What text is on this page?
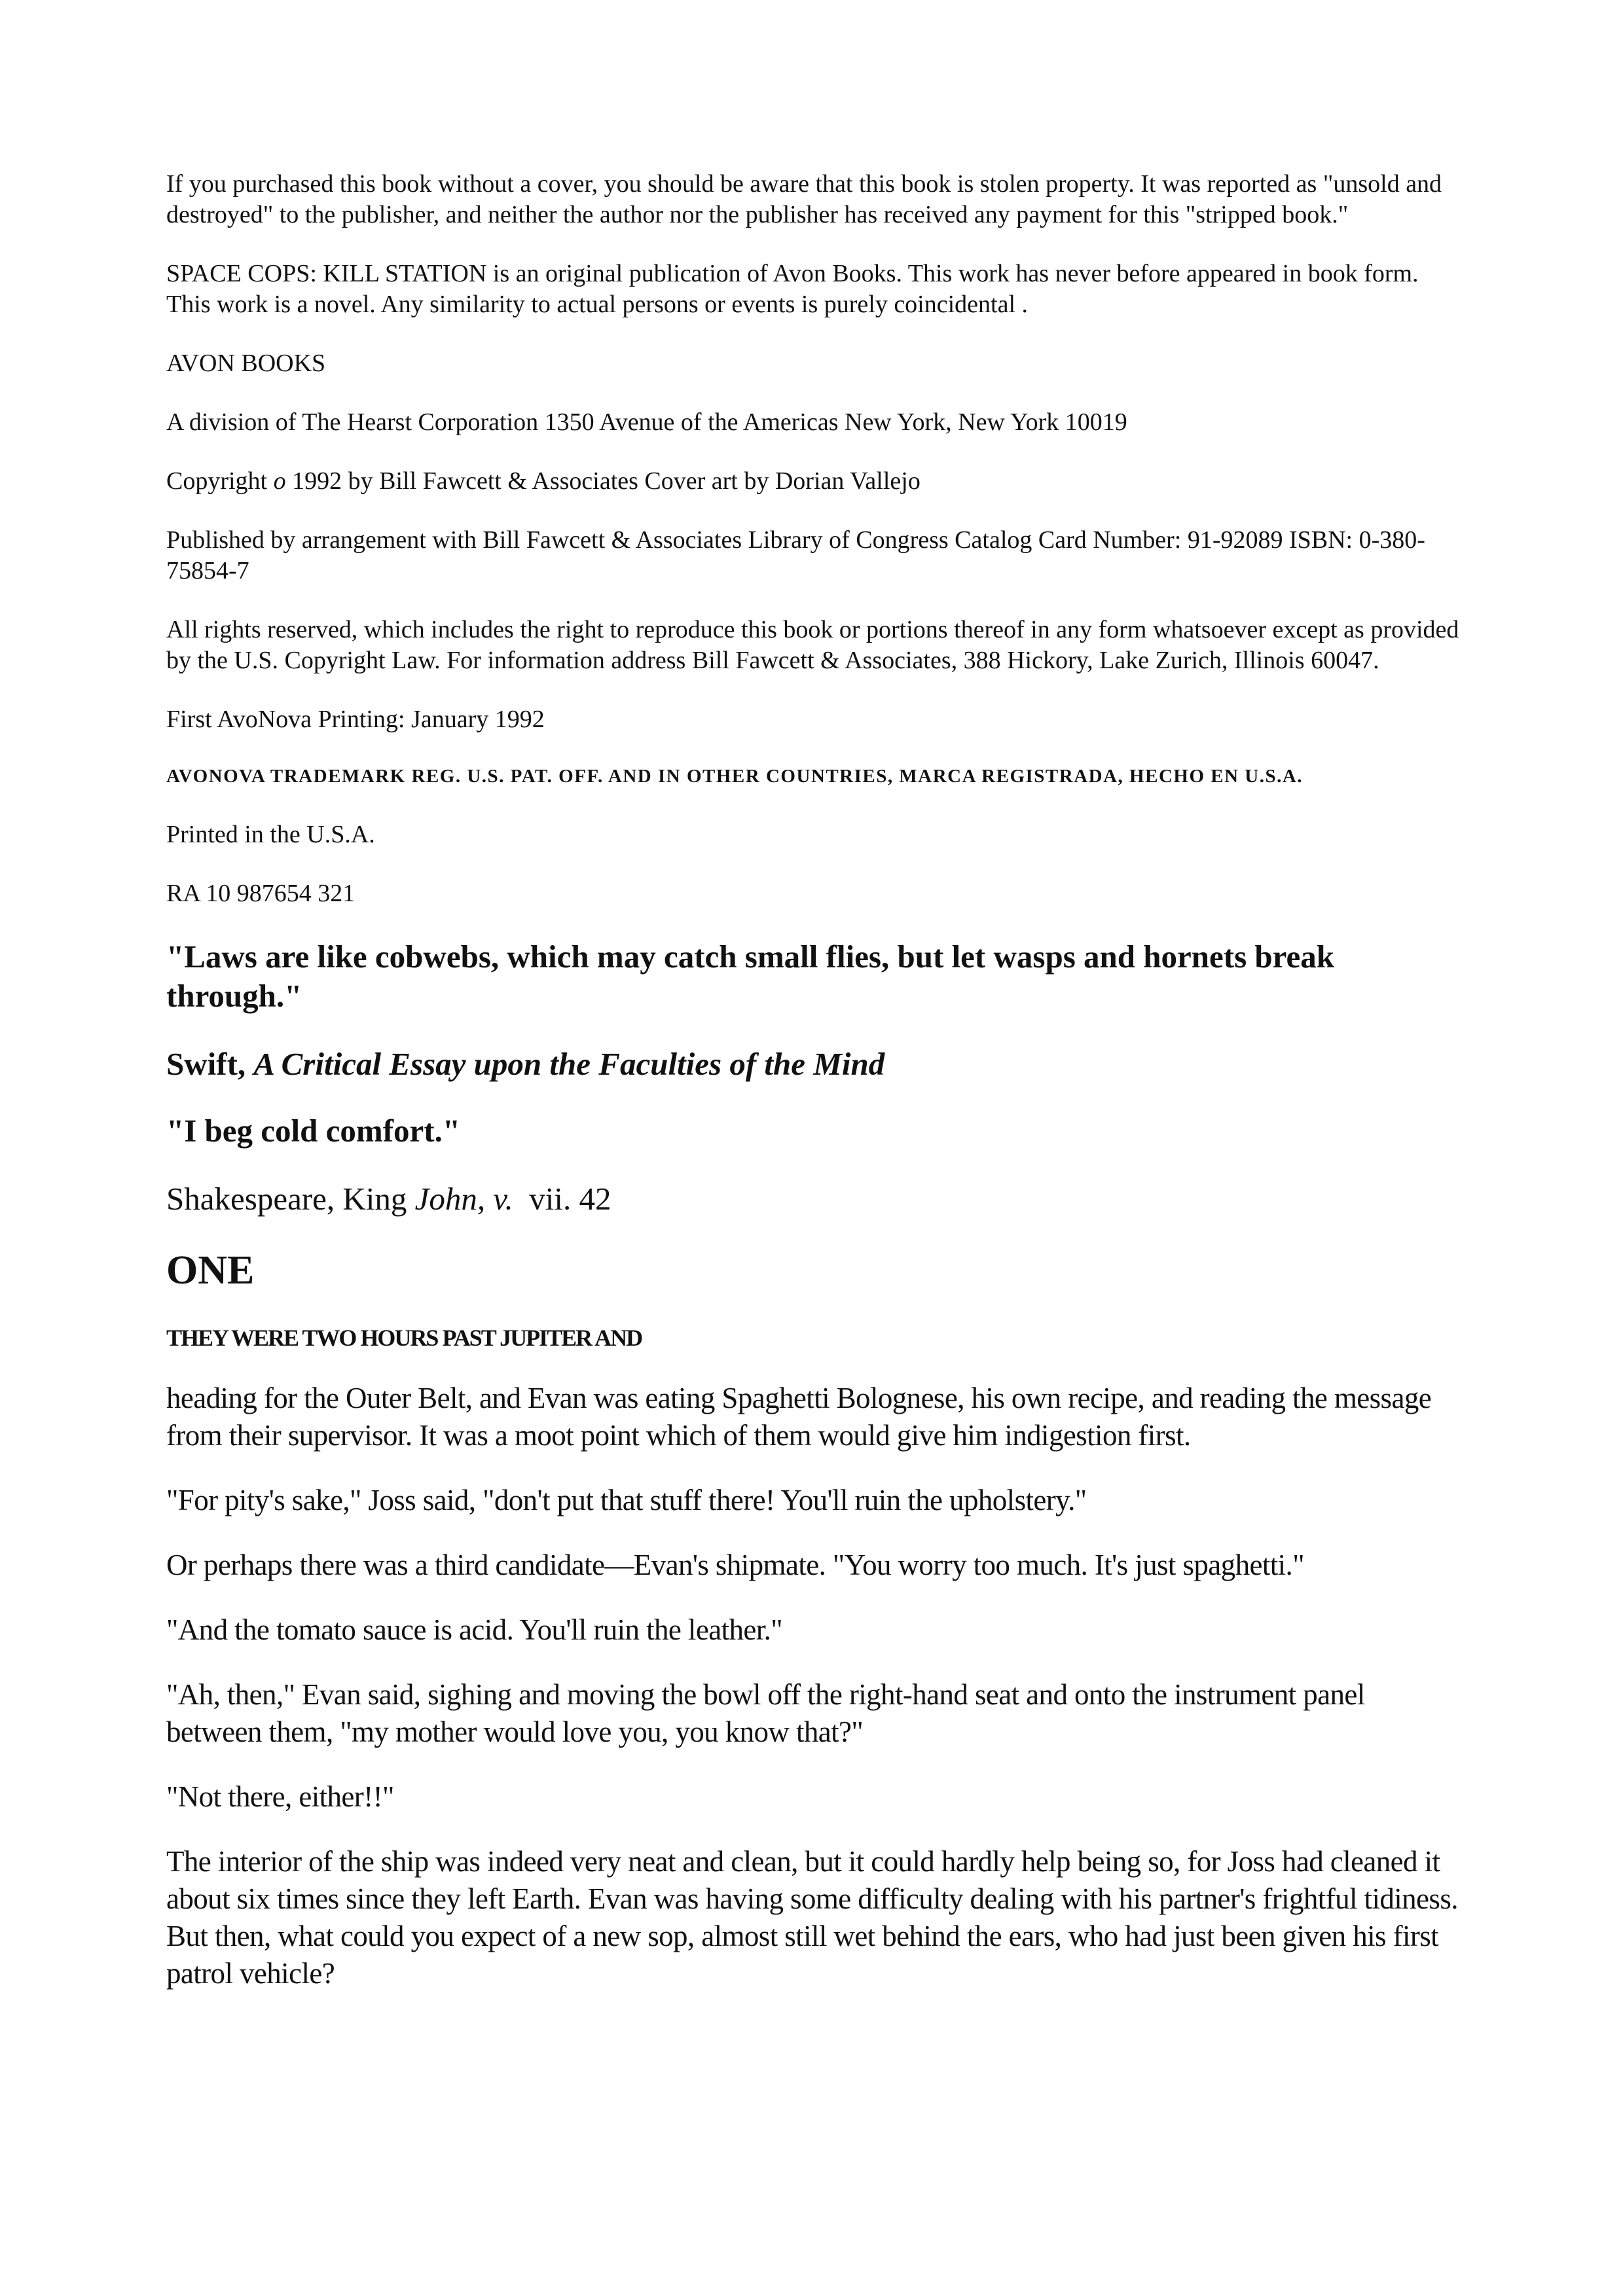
If you purchased this book without a cover, you should be aware that this book is stolen property. It was reported as "unsold and destroyed" to the publisher, and neither the author nor the publisher has received any payment for this "stripped book."

SPACE COPS: KILL STATION is an original publication of Avon Books. This work has never before appeared in book form. This work is a novel. Any similarity to actual persons or events is purely coincidental .

AVON BOOKS

A division of The Hearst Corporation 1350 Avenue of the Americas New York, New York 10019

Copyright o 1992 by Bill Fawcett & Associates Cover art by Dorian Vallejo

Published by arrangement with Bill Fawcett & Associates Library of Congress Catalog Card Number: 91-92089 ISBN: 0-380-75854-7

All rights reserved, which includes the right to reproduce this book or portions thereof in any form whatsoever except as provided by the U.S. Copyright Law. For information address Bill Fawcett & Associates, 388 Hickory, Lake Zurich, Illinois 60047.

First AvoNova Printing: January 1992

AVONOVA TRADEMARK REG. U.S. PAT. OFF. AND IN OTHER COUNTRIES, MARCA REGISTRADA, HECHO EN U.S.A.

Printed in the U.S.A.

RA 10 987654 321

"Laws are like cobwebs, which may catch small flies, but let wasps and hornets break through."

Swift, A Critical Essay upon the Faculties of the Mind

"I beg cold comfort."

Shakespeare, King John, v. vii. 42

ONE

THEY WERE TWO HOURS PAST JUPITER AND

heading for the Outer Belt, and Evan was eating Spaghetti Bolognese, his own recipe, and reading the message from their supervisor. It was a moot point which of them would give him indigestion first.

"For pity's sake," Joss said, "don't put that stuff there! You'll ruin the upholstery."

Or perhaps there was a third candidate—Evan's shipmate. "You worry too much. It's just spaghetti."

"And the tomato sauce is acid. You'll ruin the leather."

"Ah, then," Evan said, sighing and moving the bowl off the right-hand seat and onto the instrument panel between them, "my mother would love you, you know that?"

"Not there, either!!"

The interior of the ship was indeed very neat and clean, but it could hardly help being so, for Joss had cleaned it about six times since they left Earth. Evan was having some difficulty dealing with his partner's frightful tidiness. But then, what could you expect of a new sop, almost still wet behind the ears, who had just been given his first patrol vehicle?
